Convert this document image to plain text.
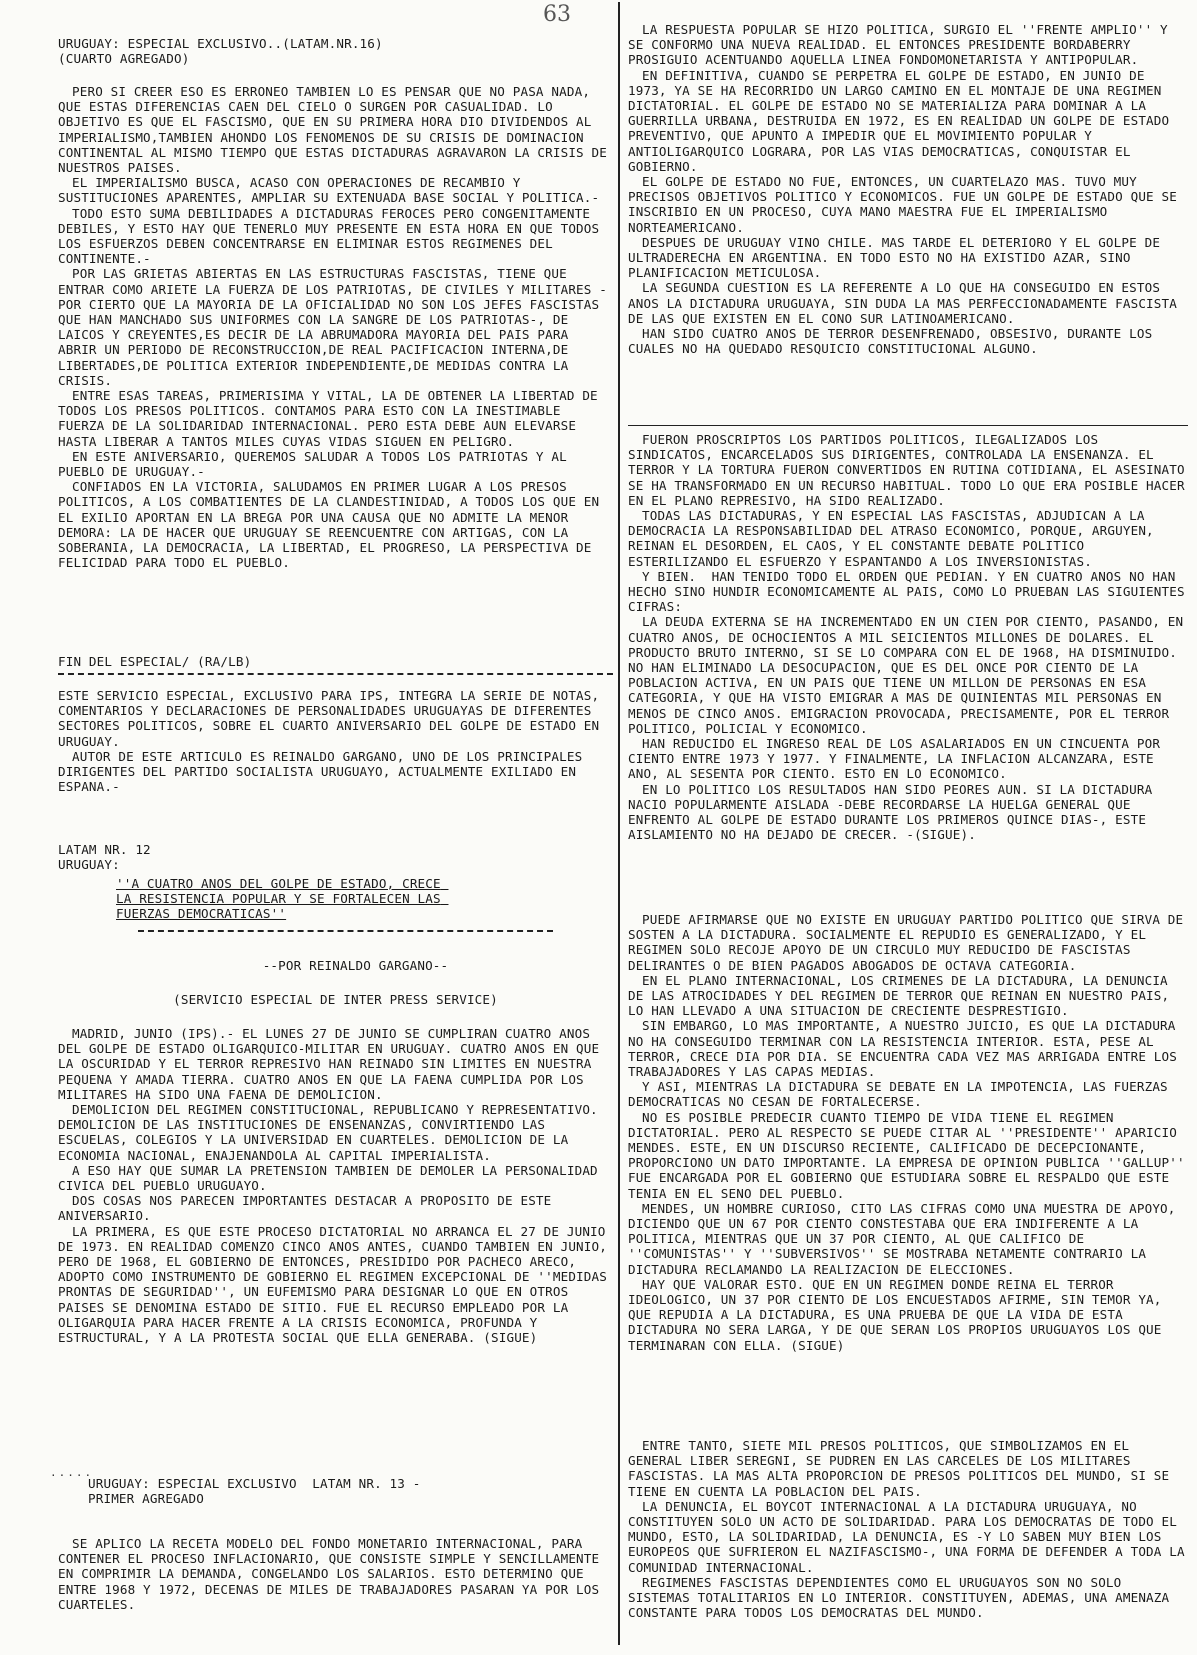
63

URUGUAY: ESPECIAL EXCLUSIVO..(LATAM.NR.16)

(CUARTO AGREGADO)

PERO SI CREER ESO ES ERRONEO TAMBIEN LO ES PENSAR QUE NO PASA NADA, QUE ESTAS DIFERENCIAS CAEN DEL CIELO O SURGEN POR CASUALIDAD. LO OBJETIVO ES QUE EL FASCISMO, QUE EN SU PRIMERA HORA DIO DIVIDENDOS AL IMPERIALISMO,TAMBIEN AHONDO LOS FENOMENOS DE SU CRISIS DE DOMINACION CONTINENTAL AL MISMO TIEMPO QUE ESTAS DICTADURAS AGRAVARON LA CRISIS DE NUESTROS PAISES.

EL IMPERIALISMO BUSCA, ACASO CON OPERACIONES DE RECAMBIO Y SUSTITUCIONES APARENTES, AMPLIAR SU EXTENUADA BASE SOCIAL Y POLITICA.-

TODO ESTO SUMA DEBILIDADES A DICTADURAS FEROCES PERO CONGENITAMENTE DEBILES, Y ESTO HAY QUE TENERLO MUY PRESENTE EN ESTA HORA EN QUE TODOS LOS ESFUERZOS DEBEN CONCENTRARSE EN ELIMINAR ESTOS REGIMENES DEL CONTINENTE.-

POR LAS GRIETAS ABIERTAS EN LAS ESTRUCTURAS FASCISTAS, TIENE QUE ENTRAR COMO ARIETE LA FUERZA DE LOS PATRIOTAS, DE CIVILES Y MILITARES - POR CIERTO QUE LA MAYORIA DE LA OFICIALIDAD NO SON LOS JEFES FASCISTAS QUE HAN MANCHADO SUS UNIFORMES CON LA SANGRE DE LOS PATRIOTAS-, DE LAICOS Y CREYENTES,ES DECIR DE LA ABRUMADORA MAYORIA DEL PAIS PARA ABRIR UN PERIODO DE RECONSTRUCCION,DE REAL PACIFICACION INTERNA,DE LIBERTADES,DE POLITICA EXTERIOR INDEPENDIENTE,DE MEDIDAS CONTRA LA CRISIS.

ENTRE ESAS TAREAS, PRIMERISIMA Y VITAL, LA DE OBTENER LA LIBERTAD DE TODOS LOS PRESOS POLITICOS. CONTAMOS PARA ESTO CON LA INESTIMABLE FUERZA DE LA SOLIDARIDAD INTERNACIONAL. PERO ESTA DEBE AUN ELEVARSE HASTA LIBERAR A TANTOS MILES CUYAS VIDAS SIGUEN EN PELIGRO.

EN ESTE ANIVERSARIO, QUEREMOS SALUDAR A TODOS LOS PATRIOTAS Y AL PUEBLO DE URUGUAY.-

CONFIADOS EN LA VICTORIA, SALUDAMOS EN PRIMER LUGAR A LOS PRESOS POLITICOS, A LOS COMBATIENTES DE LA CLANDESTINIDAD, A TODOS LOS QUE EN EL EXILIO APORTAN EN LA BREGA POR UNA CAUSA QUE NO ADMITE LA MENOR DEMORA: LA DE HACER QUE URUGUAY SE REENCUENTRE CON ARTIGAS, CON LA SOBERANIA, LA DEMOCRACIA, LA LIBERTAD, EL PROGRESO, LA PERSPECTIVA DE FELICIDAD PARA TODO EL PUEBLO.

FIN DEL ESPECIAL/ (RA/LB)

ESTE SERVICIO ESPECIAL, EXCLUSIVO PARA IPS, INTEGRA LA SERIE DE NOTAS, COMENTARIOS Y DECLARACIONES DE PERSONALIDADES URUGUAYAS DE DIFERENTES SECTORES POLITICOS, SOBRE EL CUARTO ANIVERSARIO DEL GOLPE DE ESTADO EN URUGUAY.

AUTOR DE ESTE ARTICULO ES REINALDO GARGANO, UNO DE LOS PRINCIPALES DIRIGENTES DEL PARTIDO SOCIALISTA URUGUAYO, ACTUALMENTE EXILIADO EN ESPANA.-

LATAM NR. 12

URUGUAY:

''A CUATRO ANOS DEL GOLPE DE ESTADO, CRECE LA RESISTENCIA POPULAR Y SE FORTALECEN LAS FUERZAS DEMOCRATICAS''

--POR REINALDO GARGANO--

(SERVICIO ESPECIAL DE INTER PRESS SERVICE)

MADRID, JUNIO (IPS).- EL LUNES 27 DE JUNIO SE CUMPLIRAN CUATRO ANOS DEL GOLPE DE ESTADO OLIGARQUICO-MILITAR EN URUGUAY. CUATRO ANOS EN QUE LA OSCURIDAD Y EL TERROR REPRESIVO HAN REINADO SIN LIMITES EN NUESTRA PEQUENA Y AMADA TIERRA. CUATRO ANOS EN QUE LA FAENA CUMPLIDA POR LOS MILITARES HA SIDO UNA FAENA DE DEMOLICION.

DEMOLICION DEL REGIMEN CONSTITUCIONAL, REPUBLICANO Y REPRESENTATIVO. DEMOLICION DE LAS INSTITUCIONES DE ENSENANZAS, CONVIRTIENDO LAS ESCUELAS, COLEGIOS Y LA UNIVERSIDAD EN CUARTELES. DEMOLICION DE LA ECONOMIA NACIONAL, ENAJENANDOLA AL CAPITAL IMPERIALISTA.

A ESO HAY QUE SUMAR LA PRETENSION TAMBIEN DE DEMOLER LA PERSONALIDAD CIVICA DEL PUEBLO URUGUAYO.

DOS COSAS NOS PARECEN IMPORTANTES DESTACAR A PROPOSITO DE ESTE ANIVERSARIO.

LA PRIMERA, ES QUE ESTE PROCESO DICTATORIAL NO ARRANCA EL 27 DE JUNIO DE 1973. EN REALIDAD COMENZO CINCO ANOS ANTES, CUANDO TAMBIEN EN JUNIO, PERO DE 1968, EL GOBIERNO DE ENTONCES, PRESIDIDO POR PACHECO ARECO, ADOPTO COMO INSTRUMENTO DE GOBIERNO EL REGIMEN EXCEPCIONAL DE ''MEDIDAS PRONTAS DE SEGURIDAD'', UN EUFEMISMO PARA DESIGNAR LO QUE EN OTROS PAISES SE DENOMINA ESTADO DE SITIO. FUE EL RECURSO EMPLEADO POR LA OLIGARQUIA PARA HACER FRENTE A LA CRISIS ECONOMICA, PROFUNDA Y ESTRUCTURAL, Y A LA PROTESTA SOCIAL QUE ELLA GENERABA. (SIGUE)

.....

URUGUAY: ESPECIAL EXCLUSIVO  LATAM NR. 13 -

PRIMER AGREGADO

SE APLICO LA RECETA MODELO DEL FONDO MONETARIO INTERNACIONAL, PARA CONTENER EL PROCESO INFLACIONARIO, QUE CONSISTE SIMPLE Y SENCILLAMENTE EN COMPRIMIR LA DEMANDA, CONGELANDO LOS SALARIOS. ESTO DETERMINO QUE ENTRE 1968 Y 1972, DECENAS DE MILES DE TRABAJADORES PASARAN YA POR LOS CUARTELES.

LA RESPUESTA POPULAR SE HIZO POLITICA, SURGIO EL ''FRENTE AMPLIO'' Y SE CONFORMO UNA NUEVA REALIDAD. EL ENTONCES PRESIDENTE BORDABERRY PROSIGUIO ACENTUANDO AQUELLA LINEA FONDOMONETARISTA Y ANTIPOPULAR.

EN DEFINITIVA, CUANDO SE PERPETRA EL GOLPE DE ESTADO, EN JUNIO DE 1973, YA SE HA RECORRIDO UN LARGO CAMINO EN EL MONTAJE DE UNA REGIMEN DICTATORIAL. EL GOLPE DE ESTADO NO SE MATERIALIZA PARA DOMINAR A LA GUERRILLA URBANA, DESTRUIDA EN 1972, ES EN REALIDAD UN GOLPE DE ESTADO PREVENTIVO, QUE APUNTO A IMPEDIR QUE EL MOVIMIENTO POPULAR Y ANTIOLIGARQUICO LOGRARA, POR LAS VIAS DEMOCRATICAS, CONQUISTAR EL GOBIERNO.

EL GOLPE DE ESTADO NO FUE, ENTONCES, UN CUARTELAZO MAS. TUVO MUY PRECISOS OBJETIVOS POLITICO Y ECONOMICOS. FUE UN GOLPE DE ESTADO QUE SE INSCRIBIO EN UN PROCESO, CUYA MANO MAESTRA FUE EL IMPERIALISMO NORTEAMERICANO.

DESPUES DE URUGUAY VINO CHILE. MAS TARDE EL DETERIORO Y EL GOLPE DE ULTRADERECHA EN ARGENTINA. EN TODO ESTO NO HA EXISTIDO AZAR, SINO PLANIFICACION METICULOSA.

LA SEGUNDA CUESTION ES LA REFERENTE A LO QUE HA CONSEGUIDO EN ESTOS ANOS LA DICTADURA URUGUAYA, SIN DUDA LA MAS PERFECCIONADAMENTE FASCISTA DE LAS QUE EXISTEN EN EL CONO SUR LATINOAMERICANO.

HAN SIDO CUATRO ANOS DE TERROR DESENFRENADO, OBSESIVO, DURANTE LOS CUALES NO HA QUEDADO RESQUICIO CONSTITUCIONAL ALGUNO.

FUERON PROSCRIPTOS LOS PARTIDOS POLITICOS, ILEGALIZADOS LOS SINDICATOS, ENCARCELADOS SUS DIRIGENTES, CONTROLADA LA ENSENANZA. EL TERROR Y LA TORTURA FUERON CONVERTIDOS EN RUTINA COTIDIANA, EL ASESINATO SE HA TRANSFORMADO EN UN RECURSO HABITUAL. TODO LO QUE ERA POSIBLE HACER EN EL PLANO REPRESIVO, HA SIDO REALIZADO.

TODAS LAS DICTADURAS, Y EN ESPECIAL LAS FASCISTAS, ADJUDICAN A LA DEMOCRACIA LA RESPONSABILIDAD DEL ATRASO ECONOMICO, PORQUE, ARGUYEN, REINAN EL DESORDEN, EL CAOS, Y EL CONSTANTE DEBATE POLITICO ESTERILIZANDO EL ESFUERZO Y ESPANTANDO A LOS INVERSIONISTAS.

Y BIEN.  HAN TENIDO TODO EL ORDEN QUE PEDIAN. Y EN CUATRO ANOS NO HAN HECHO SINO HUNDIR ECONOMICAMENTE AL PAIS, COMO LO PRUEBAN LAS SIGUIENTES CIFRAS:

LA DEUDA EXTERNA SE HA INCREMENTADO EN UN CIEN POR CIENTO, PASANDO, EN CUATRO ANOS, DE OCHOCIENTOS A MIL SEICIENTOS MILLONES DE DOLARES. EL PRODUCTO BRUTO INTERNO, SI SE LO COMPARA CON EL DE 1968, HA DISMINUIDO. NO HAN ELIMINADO LA DESOCUPACION, QUE ES DEL ONCE POR CIENTO DE LA POBLACION ACTIVA, EN UN PAIS QUE TIENE UN MILLON DE PERSONAS EN ESA CATEGORIA, Y QUE HA VISTO EMIGRAR A MAS DE QUINIENTAS MIL PERSONAS EN MENOS DE CINCO ANOS. EMIGRACION PROVOCADA, PRECISAMENTE, POR EL TERROR POLITICO, POLICIAL Y ECONOMICO.

HAN REDUCIDO EL INGRESO REAL DE LOS ASALARIADOS EN UN CINCUENTA POR CIENTO ENTRE 1973 Y 1977. Y FINALMENTE, LA INFLACION ALCANZARA, ESTE ANO, AL SESENTA POR CIENTO. ESTO EN LO ECONOMICO.

EN LO POLITICO LOS RESULTADOS HAN SIDO PEORES AUN. SI LA DICTADURA NACIO POPULARMENTE AISLADA -DEBE RECORDARSE LA HUELGA GENERAL QUE ENFRENTO AL GOLPE DE ESTADO DURANTE LOS PRIMEROS QUINCE DIAS-, ESTE AISLAMIENTO NO HA DEJADO DE CRECER. -(SIGUE).

PUEDE AFIRMARSE QUE NO EXISTE EN URUGUAY PARTIDO POLITICO QUE SIRVA DE SOSTEN A LA DICTADURA. SOCIALMENTE EL REPUDIO ES GENERALIZADO, Y EL REGIMEN SOLO RECOJE APOYO DE UN CIRCULO MUY REDUCIDO DE FASCISTAS DELIRANTES O DE BIEN PAGADOS ABOGADOS DE OCTAVA CATEGORIA.

EN EL PLANO INTERNACIONAL, LOS CRIMENES DE LA DICTADURA, LA DENUNCIA DE LAS ATROCIDADES Y DEL REGIMEN DE TERROR QUE REINAN EN NUESTRO PAIS, LO HAN LLEVADO A UNA SITUACION DE CRECIENTE DESPRESTIGIO.

SIN EMBARGO, LO MAS IMPORTANTE, A NUESTRO JUICIO, ES QUE LA DICTADURA NO HA CONSEGUIDO TERMINAR CON LA RESISTENCIA INTERIOR. ESTA, PESE AL TERROR, CRECE DIA POR DIA. SE ENCUENTRA CADA VEZ MAS ARRIGADA ENTRE LOS TRABAJADORES Y LAS CAPAS MEDIAS.

Y ASI, MIENTRAS LA DICTADURA SE DEBATE EN LA IMPOTENCIA, LAS FUERZAS DEMOCRATICAS NO CESAN DE FORTALECERSE.

NO ES POSIBLE PREDECIR CUANTO TIEMPO DE VIDA TIENE EL REGIMEN DICTATORIAL. PERO AL RESPECTO SE PUEDE CITAR AL ''PRESIDENTE'' APARICIO MENDES. ESTE, EN UN DISCURSO RECIENTE, CALIFICADO DE DECEPCIONANTE, PROPORCIONO UN DATO IMPORTANTE. LA EMPRESA DE OPINION PUBLICA ''GALLUP'' FUE ENCARGADA POR EL GOBIERNO QUE ESTUDIARA SOBRE EL RESPALDO QUE ESTE TENIA EN EL SENO DEL PUEBLO.

MENDES, UN HOMBRE CURIOSO, CITO LAS CIFRAS COMO UNA MUESTRA DE APOYO, DICIENDO QUE UN 67 POR CIENTO CONSTESTABA QUE ERA INDIFERENTE A LA POLITICA, MIENTRAS QUE UN 37 POR CIENTO, AL QUE CALIFICO DE ''COMUNISTAS'' Y ''SUBVERSIVOS'' SE MOSTRABA NETAMENTE CONTRARIO LA DICTADURA RECLAMANDO LA REALIZACION DE ELECCIONES.

HAY QUE VALORAR ESTO. QUE EN UN REGIMEN DONDE REINA EL TERROR IDEOLOGICO, UN 37 POR CIENTO DE LOS ENCUESTADOS AFIRME, SIN TEMOR YA, QUE REPUDIA A LA DICTADURA, ES UNA PRUEBA DE QUE LA VIDA DE ESTA DICTADURA NO SERA LARGA, Y DE QUE SERAN LOS PROPIOS URUGUAYOS LOS QUE TERMINARAN CON ELLA. (SIGUE)

ENTRE TANTO, SIETE MIL PRESOS POLITICOS, QUE SIMBOLIZAMOS EN EL GENERAL LIBER SEREGNI, SE PUDREN EN LAS CARCELES DE LOS MILITARES FASCISTAS. LA MAS ALTA PROPORCION DE PRESOS POLITICOS DEL MUNDO, SI SE TIENE EN CUENTA LA POBLACION DEL PAIS.

LA DENUNCIA, EL BOYCOT INTERNACIONAL A LA DICTADURA URUGUAYA, NO CONSTITUYEN SOLO UN ACTO DE SOLIDARIDAD. PARA LOS DEMOCRATAS DE TODO EL MUNDO, ESTO, LA SOLIDARIDAD, LA DENUNCIA, ES -Y LO SABEN MUY BIEN LOS EUROPEOS QUE SUFRIERON EL NAZIFASCISMO-, UNA FORMA DE DEFENDER A TODA LA COMUNIDAD INTERNACIONAL.

REGIMENES FASCISTAS DEPENDIENTES COMO EL URUGUAYOS SON NO SOLO SISTEMAS TOTALITARIOS EN LO INTERIOR. CONSTITUYEN, ADEMAS, UNA AMENAZA CONSTANTE PARA TODOS LOS DEMOCRATAS DEL MUNDO.
